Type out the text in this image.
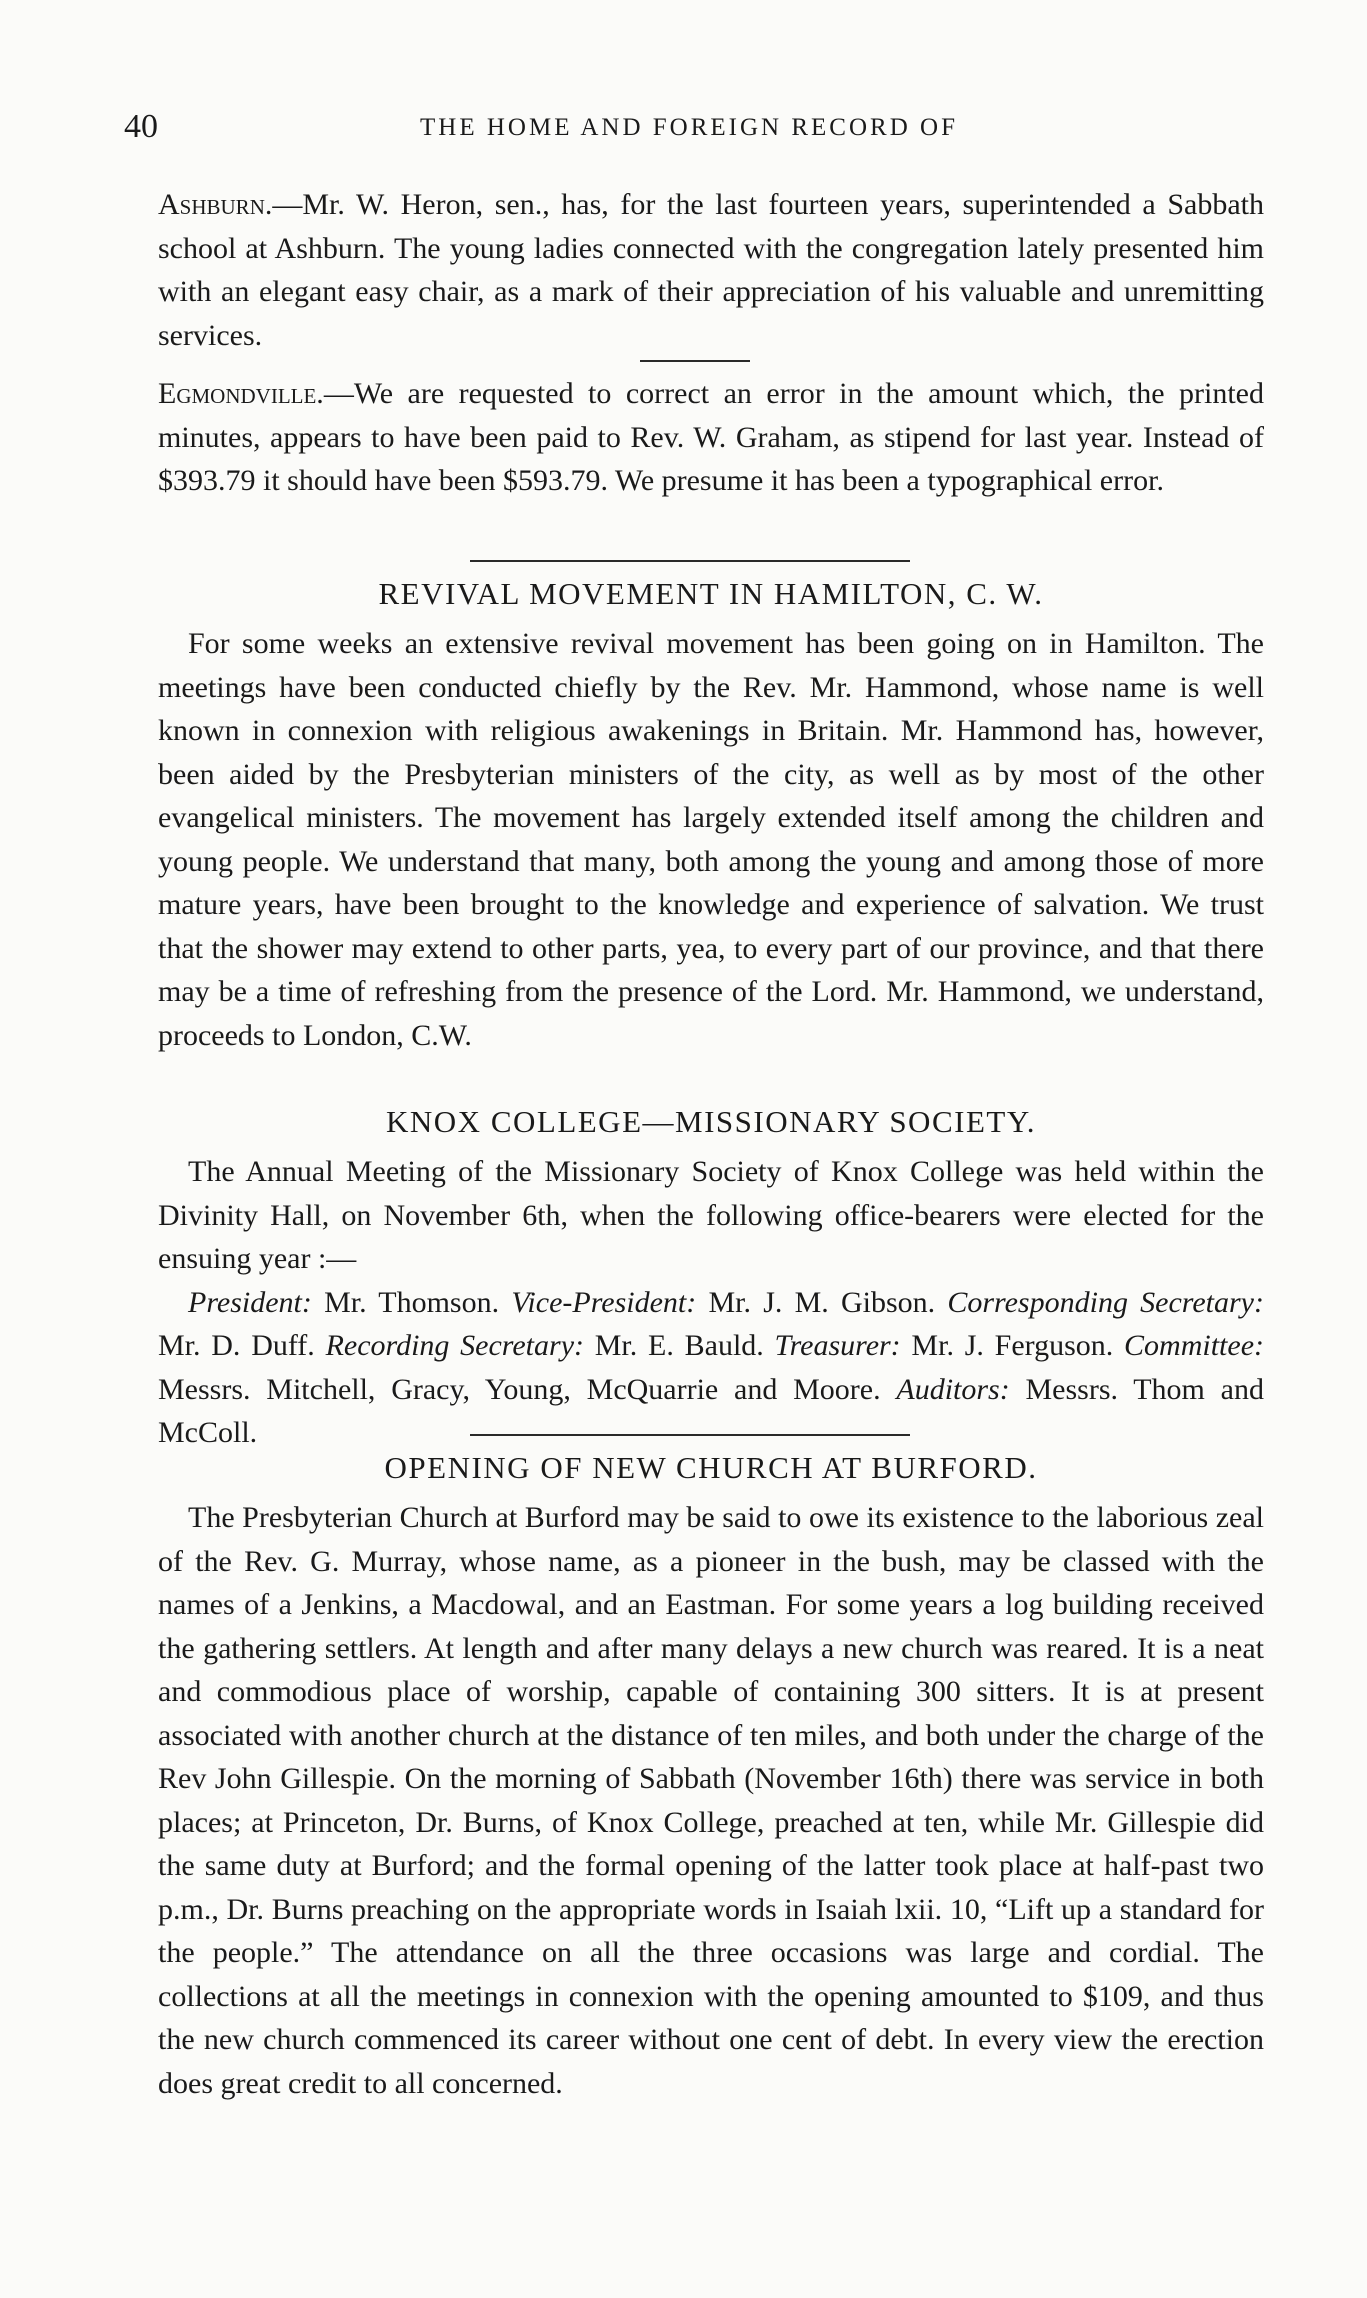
40	THE HOME AND FOREIGN RECORD OF

Ashburn.—Mr. W. Heron, sen., has, for the last fourteen years, superintended a Sabbath school at Ashburn. The young ladies connected with the congregation lately presented him with an elegant easy chair, as a mark of their appreciation of his valuable and unremitting services.

Egmondville.—We are requested to correct an error in the amount which, the printed minutes, appears to have been paid to Rev. W. Graham, as stipend for last year. Instead of $393.79 it should have been $593.79. We presume it has been a typographical error.

REVIVAL MOVEMENT IN HAMILTON, C. W.

For some weeks an extensive revival movement has been going on in Hamilton. The meetings have been conducted chiefly by the Rev. Mr. Hammond, whose name is well known in connexion with religious awakenings in Britain. Mr. Hammond has, however, been aided by the Presbyterian ministers of the city, as well as by most of the other evangelical ministers. The movement has largely extended itself among the children and young people. We understand that many, both among the young and among those of more mature years, have been brought to the knowledge and experience of salvation. We trust that the shower may extend to other parts, yea, to every part of our province, and that there may be a time of refreshing from the presence of the Lord. Mr. Hammond, we understand, proceeds to London, C.W.

KNOX COLLEGE—MISSIONARY SOCIETY.

The Annual Meeting of the Missionary Society of Knox College was held within the Divinity Hall, on November 6th, when the following office-bearers were elected for the ensuing year :—

President: Mr. Thomson. Vice-President: Mr. J. M. Gibson. Corresponding Secretary: Mr. D. Duff. Recording Secretary: Mr. E. Bauld. Treasurer: Mr. J. Ferguson. Committee: Messrs. Mitchell, Gracy, Young, McQuarrie and Moore. Auditors: Messrs. Thom and McColl.
OPENING OF NEW CHURCH AT BURFORD.

The Presbyterian Church at Burford may be said to owe its existence to the laborious zeal of the Rev. G. Murray, whose name, as a pioneer in the bush, may be classed with the names of a Jenkins, a Macdowal, and an Eastman. For some years a log building received the gathering settlers. At length and after many delays a new church was reared. It is a neat and commodious place of worship, capable of containing 300 sitters. It is at present associated with another church at the distance of ten miles, and both under the charge of the Rev John Gillespie. On the morning of Sabbath (November 16th) there was service in both places; at Princeton, Dr. Burns, of Knox College, preached at ten, while Mr. Gillespie did the same duty at Burford; and the formal opening of the latter took place at half-past two p.m., Dr. Burns preaching on the appropriate words in Isaiah lxii. 10, “Lift up a standard for the people.” The attendance on all the three occasions was large and cordial. The collections at all the meetings in connexion with the opening amounted to $109, and thus the new church commenced its career without one cent of debt. In every view the erection does great credit to all concerned.
